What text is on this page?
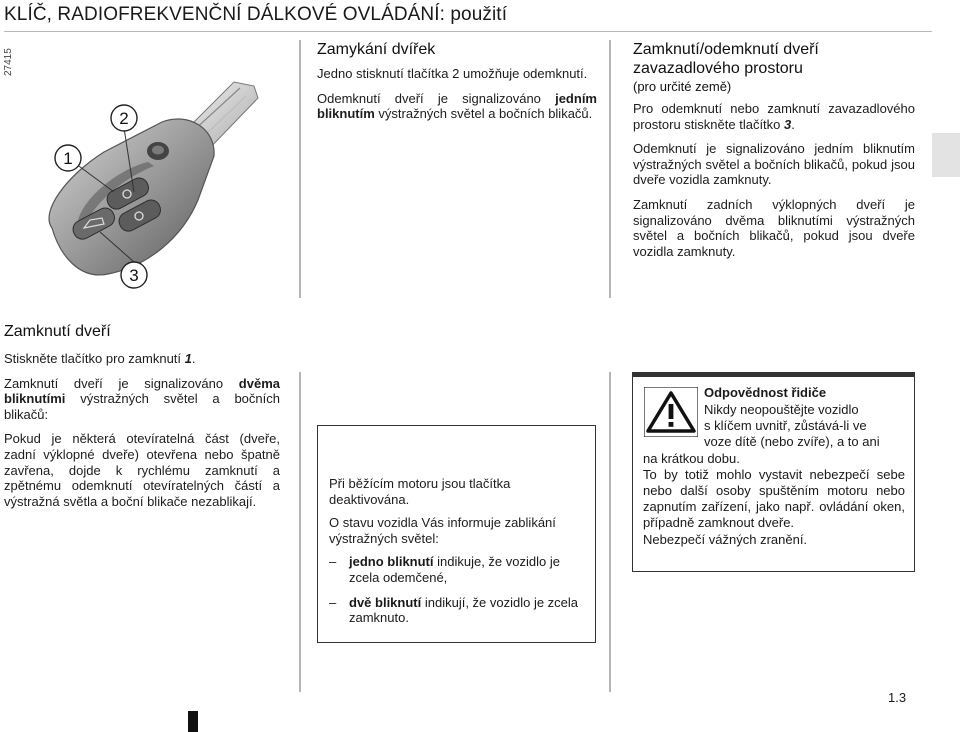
KLÍČ, RADIOFREKVENČNÍ DÁLKOVÉ OVLÁDÁNÍ: použití
27415
1
2
3
Zamykání dvířek

Jedno stisknutí tlačítka 2 umožňuje odemknutí.

Odemknutí dveří je signalizováno jedním bliknutím výstražných světel a bočních blikačů.

Zamknutí/odemknutí dveří
zavazadlového prostoru
(pro určité země)

Pro odemknutí nebo zamknutí zavazadlového prostoru stiskněte tlačítko 3.

Odemknutí je signalizováno jedním bliknutím výstražných světel a bočních blikačů, pokud jsou dveře vozidla zamknuty.

Zamknutí zadních výklopných dveří je signalizováno dvěma bliknutími výstražných světel a bočních blikačů, pokud jsou dveře vozidla zamknuty.

Zamknutí dveří

Stiskněte tlačítko pro zamknutí 1.

Zamknutí dveří je signalizováno dvěma bliknutími výstražných světel a bočních blikačů:

Pokud je některá otevíratelná část (dveře, zadní výklopné dveře) otevřena nebo špatně zavřena, dojde k rychlému zamknutí a zpětnému odemknutí otevíratelných částí a výstražná světla a boční blikače nezablikají.

Při běžícím motoru jsou tlačítka deaktivována.

O stavu vozidla Vás informuje zablikání výstražných světel:

– jedno bliknutí indikuje, že vozidlo je zcela odemčené,
– dvě bliknutí indikují, že vozidlo je zcela zamknuto.
Odpovědnost řidiče
Nikdy neopouštějte vozidlo
s klíčem uvnitř, zůstává-li ve
voze dítě (nebo zvíře), a to ani
na krátkou dobu.
To by totiž mohlo vystavit nebezpečí sebe nebo další osoby spuštěním motoru nebo zapnutím zařízení, jako např. ovládání oken, případně zamknout dveře.
Nebezpečí vážných zranění.
1.3
